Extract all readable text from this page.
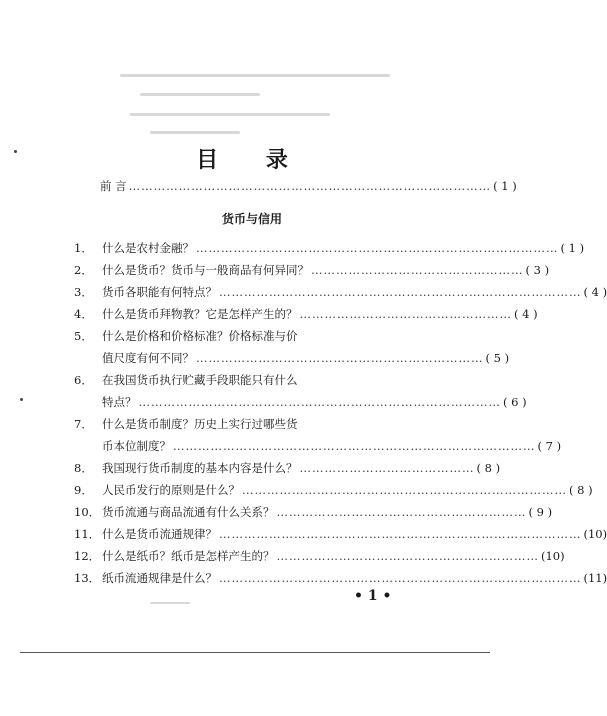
目 录
前 言 …………………………………………………………………………… ( 1 )
货币与信用
1． 什么是农村金融？ …………………………………………………………………………… ( 1 )
2． 什么是货币？货币与一般商品有何异同？ …………………………………………… ( 3 )
3． 货币各职能有何特点？ …………………………………………………………………………… ( 4 )
4． 什么是货币拜物教？它是怎样产生的？ …………………………………………… ( 4 )
5． 什么是价格和价格标准？价格标准与价
值尺度有何不同？ …………………………………………………………… ( 5 )
6． 在我国货币执行贮藏手段职能只有什么
特点？ …………………………………………………………………………… ( 6 )
7． 什么是货币制度？历史上实行过哪些货
币本位制度？ …………………………………………………………………………… ( 7 )
8． 我国现行货币制度的基本内容是什么？ …………………………………… ( 8 )
9． 人民币发行的原则是什么？ …………………………………………………………………… ( 8 )
10． 货币流通与商品流通有什么关系？ …………………………………………………… ( 9 )
11． 什么是货币流通规律？ …………………………………………………………………………… (10)
12． 什么是纸币？纸币是怎样产生的？ ……………………………………………………… (10)
13． 纸币流通规律是什么？ …………………………………………………………………………… (11)
• 1 •
